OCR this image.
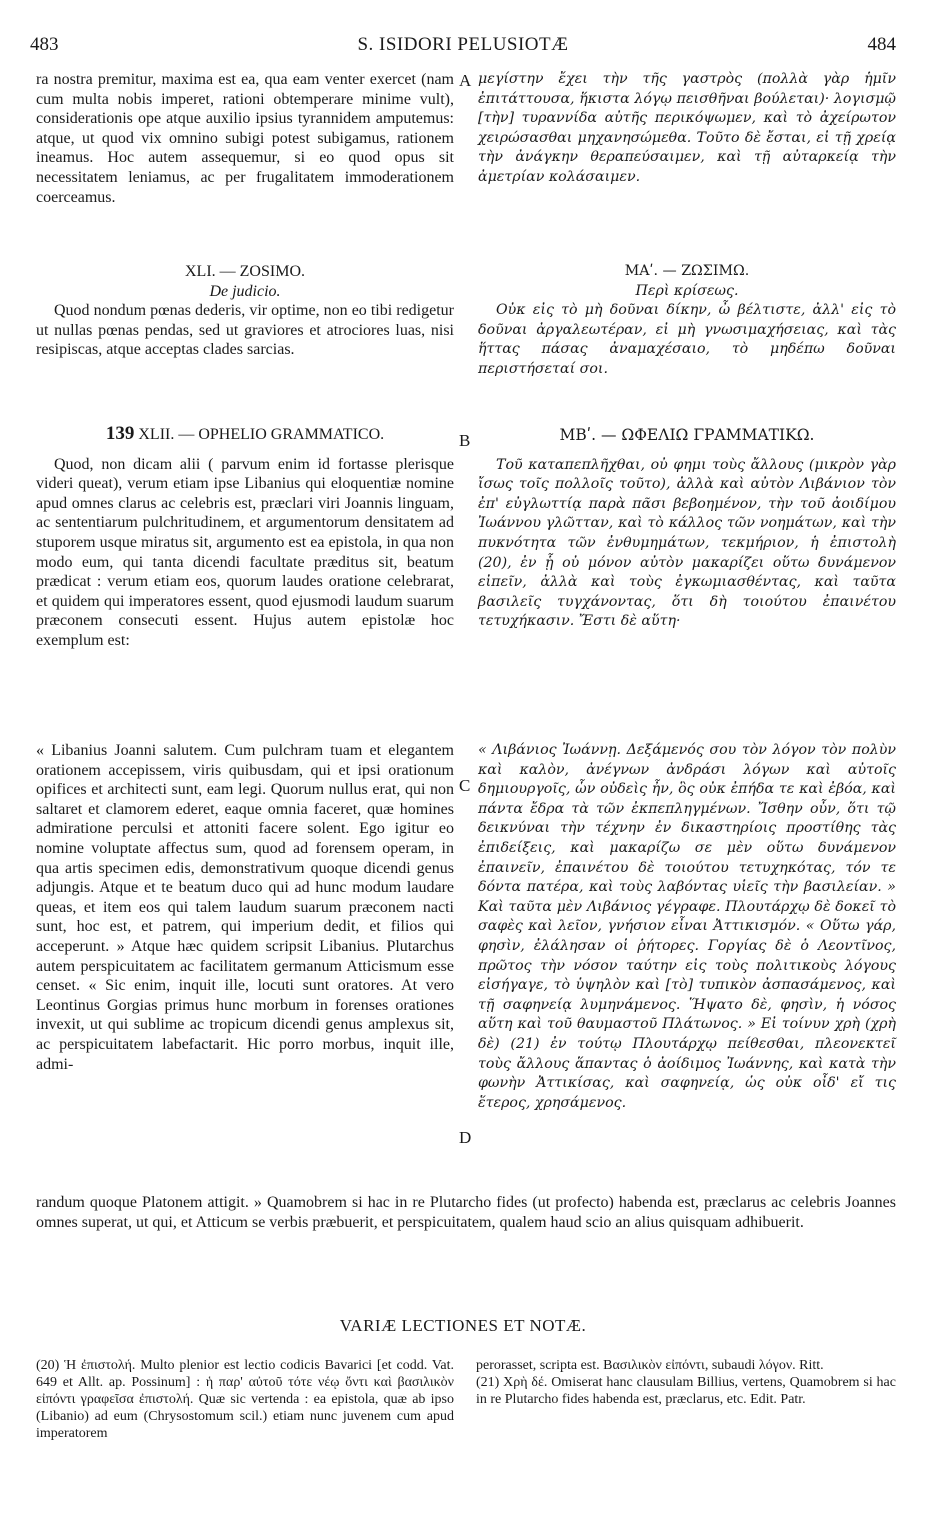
483	S. ISIDORI PELUSIOTÆ	484

ra nostra premitur, maxima est ea, qua eam venter exercet (nam cum multa nobis imperet, rationi obtemperare minime vult), considerationis ope atque auxilio ipsius tyrannidem amputemus: atque, ut quod vix omnino subigi potest subigamus, rationem ineamus. Hoc autem assequemur, si eo quod opus sit necessitatem leniamus, ac per frugalitatem immoderationem coerceamus.

XLI. — ZOSIMO.

De judicio.

Quod nondum pœnas dederis, vir optime, non eo tibi redigetur ut nullas pœnas pendas, sed ut graviores et atrociores luas, nisi resipiscas, atque acceptas clades sarcias.

139 XLII. — OPHELIO GRAMMATICO.

Quod, non dicam alii ( parvum enim id fortasse plerisque videri queat), verum etiam ipse Libanius qui eloquentiæ nomine apud omnes clarus ac celebris est, præclari viri Joannis linguam, ac sententiarum pulchritudinem, et argumentorum densitatem ad stuporem usque miratus sit, argumento est ea epistola, in qua non modo eum, qui tanta dicendi facultate præditus sit, beatum prædicat : verum etiam eos, quorum laudes oratione celebrarat, et quidem qui imperatores essent, quod ejusmodi laudum suarum præconem consecuti essent. Hujus autem epistolæ hoc exemplum est:

« Libanius Joanni salutem. Cum pulchram tuam et elegantem orationem accepissem, viris quibusdam, qui et ipsi orationum opifices et architecti sunt, eam legi. Quorum nullus erat, qui non saltaret et clamorem ederet, eaque omnia faceret, quæ homines admiratione perculsi et attoniti facere solent. Ego igitur eo nomine voluptate affectus sum, quod ad forensem operam, in qua artis specimen edis, demonstrativum quoque dicendi genus adjungis. Atque et te beatum duco qui ad hunc modum laudare queas, et item eos qui talem laudum suarum præconem nacti sunt, hoc est, et patrem, qui imperium dedit, et filios qui acceperunt. » Atque hæc quidem scripsit Libanius. Plutarchus autem perspicuitatem ac facilitatem germanum Atticismum esse censet. « Sic enim, inquit ille, locuti sunt oratores. At vero Leontinus Gorgias primus hunc morbum in forenses orationes invexit, ut qui sublime ac tropicum dicendi genus amplexus sit, ac perspicuitatem labefactarit. Hic porro morbus, inquit ille, admi-

A
B
C
D

μεγίστην ἔχει τὴν τῆς γαστρὸς (πολλὰ γὰρ ἡμῖν ἐπιτάττουσα, ἥκιστα λόγῳ πεισθῆναι βούλεται)· λογισμῷ [τὴν] τυραννίδα αὐτῆς περικόψωμεν, καὶ τὸ ἀχείρωτον χειρώσασθαι μηχανησώμεθα. Τοῦτο δὲ ἔσται, εἰ τῇ χρείᾳ τὴν ἀνάγκην θεραπεύσαιμεν, καὶ τῇ αὐταρκείᾳ τὴν ἀμετρίαν κολάσαιμεν.

ΜΑʹ. — ΖΩΣΙΜΩ.

Περὶ κρίσεως.

Οὐκ εἰς τὸ μὴ δοῦναι δίκην, ὦ βέλτιστε, ἀλλ' εἰς τὸ δοῦναι ἀργαλεωτέραν, εἰ μὴ γνωσιμαχήσειας, καὶ τὰς ἥττας πάσας ἀναμαχέσαιο, τὸ μηδέπω δοῦναι περιστήσεταί σοι.

ΜΒʹ. — ΩΦΕΛΙΩ ΓΡΑΜΜΑΤΙΚΩ.

Τοῦ καταπεπλῆχθαι, οὐ φημι τοὺς ἄλλους (μικρὸν γὰρ ἴσως τοῖς πολλοῖς τοῦτο), ἀλλὰ καὶ αὐτὸν Λιβάνιον τὸν ἐπ' εὐγλωττίᾳ παρὰ πᾶσι βεβοημένον, τὴν τοῦ ἀοιδίμου Ἰωάννου γλῶτταν, καὶ τὸ κάλλος τῶν νοημάτων, καὶ τὴν πυκνότητα τῶν ἐνθυμημάτων, τεκμήριον, ἡ ἐπιστολὴ (20), ἐν ᾗ οὐ μόνον αὐτὸν μακαρίζει οὕτω δυνάμενον εἰπεῖν, ἀλλὰ καὶ τοὺς ἐγκωμιασθέντας, καὶ ταῦτα βασιλεῖς τυγχάνοντας, ὅτι δὴ τοιούτου ἐπαινέτου τετυχήκασιν. Ἔστι δὲ αὕτη·

« Λιβάνιος Ἰωάννῃ. Δεξάμενός σου τὸν λόγον τὸν πολὺν καὶ καλὸν, ἀνέγνων ἀνδράσι λόγων καὶ αὐτοῖς δημιουργοῖς, ὧν οὐδεὶς ἦν, ὃς οὐκ ἐπήδα τε καὶ ἐβόα, καὶ πάντα ἔδρα τὰ τῶν ἐκπεπληγμένων. Ἴσθην οὖν, ὅτι τῷ δεικνύναι τὴν τέχνην ἐν δικαστηρίοις προστίθης τὰς ἐπιδείξεις, καὶ μακαρίζω σε μὲν οὕτω δυνάμενον ἐπαινεῖν, ἐπαινέτου δὲ τοιούτου τετυχηκότας, τόν τε δόντα πατέρα, καὶ τοὺς λαβόντας υἱεῖς τὴν βασιλείαν. » Καὶ ταῦτα μὲν Λιβάνιος γέγραφε. Πλουτάρχῳ δὲ δοκεῖ τὸ σαφὲς καὶ λεῖον, γνήσιον εἶναι Ἀττικισμόν. « Οὕτω γάρ, φησὶν, ἐλάλησαν οἱ ῥήτορες. Γοργίας δὲ ὁ Λεοντῖνος, πρῶτος τὴν νόσον ταύτην εἰς τοὺς πολιτικοὺς λόγους εἰσήγαγε, τὸ ὑψηλὸν καὶ [τὸ] τυπικὸν ἀσπασάμενος, καὶ τῇ σαφηνείᾳ λυμηνάμενος. Ἥψατο δὲ, φησὶν, ἡ νόσος αὕτη καὶ τοῦ θαυμαστοῦ Πλάτωνος. » Εἰ τοίνυν χρὴ (χρὴ δὲ) (21) ἐν τούτῳ Πλουτάρχῳ πείθεσθαι, πλεονεκτεῖ τοὺς ἄλλους ἅπαντας ὁ ἀοίδιμος Ἰωάννης, καὶ κατὰ τὴν φωνὴν Ἀττικίσας, καὶ σαφηνείᾳ, ὡς οὐκ οἶδ' εἴ τις ἕτερος, χρησάμενος.

randum quoque Platonem attigit. » Quamobrem si hac in re Plutarcho fides (ut profecto) habenda est, præclarus ac celebris Joannes omnes superat, ut qui, et Atticum se verbis præbuerit, et perspicuitatem, qualem haud scio an alius quisquam adhibuerit.
VARIÆ LECTIONES ET NOTÆ.
(20) Ἡ ἐπιστολή. Multo plenior est lectio codicis Bavarici [et codd. Vat. 649 et Allt. ap. Possinum] : ἡ παρ' αὐτοῦ τότε νέῳ ὄντι καὶ βασιλικὸν εἰπόντι γραφεῖσα ἐπιστολή. Quæ sic vertenda : ea epistola, quæ ab ipso (Libanio) ad eum (Chrysostomum scil.) etiam nunc juvenem cum apud imperatorem

perorasset, scripta est. Βασιλικὸν εἰπόντι, subaudi λόγον. Ritt.

(21) Χρὴ δέ. Omiserat hanc clausulam Billius, vertens, Quamobrem si hac in re Plutarcho fides habenda est, præclarus, etc. Edit. Patr.
